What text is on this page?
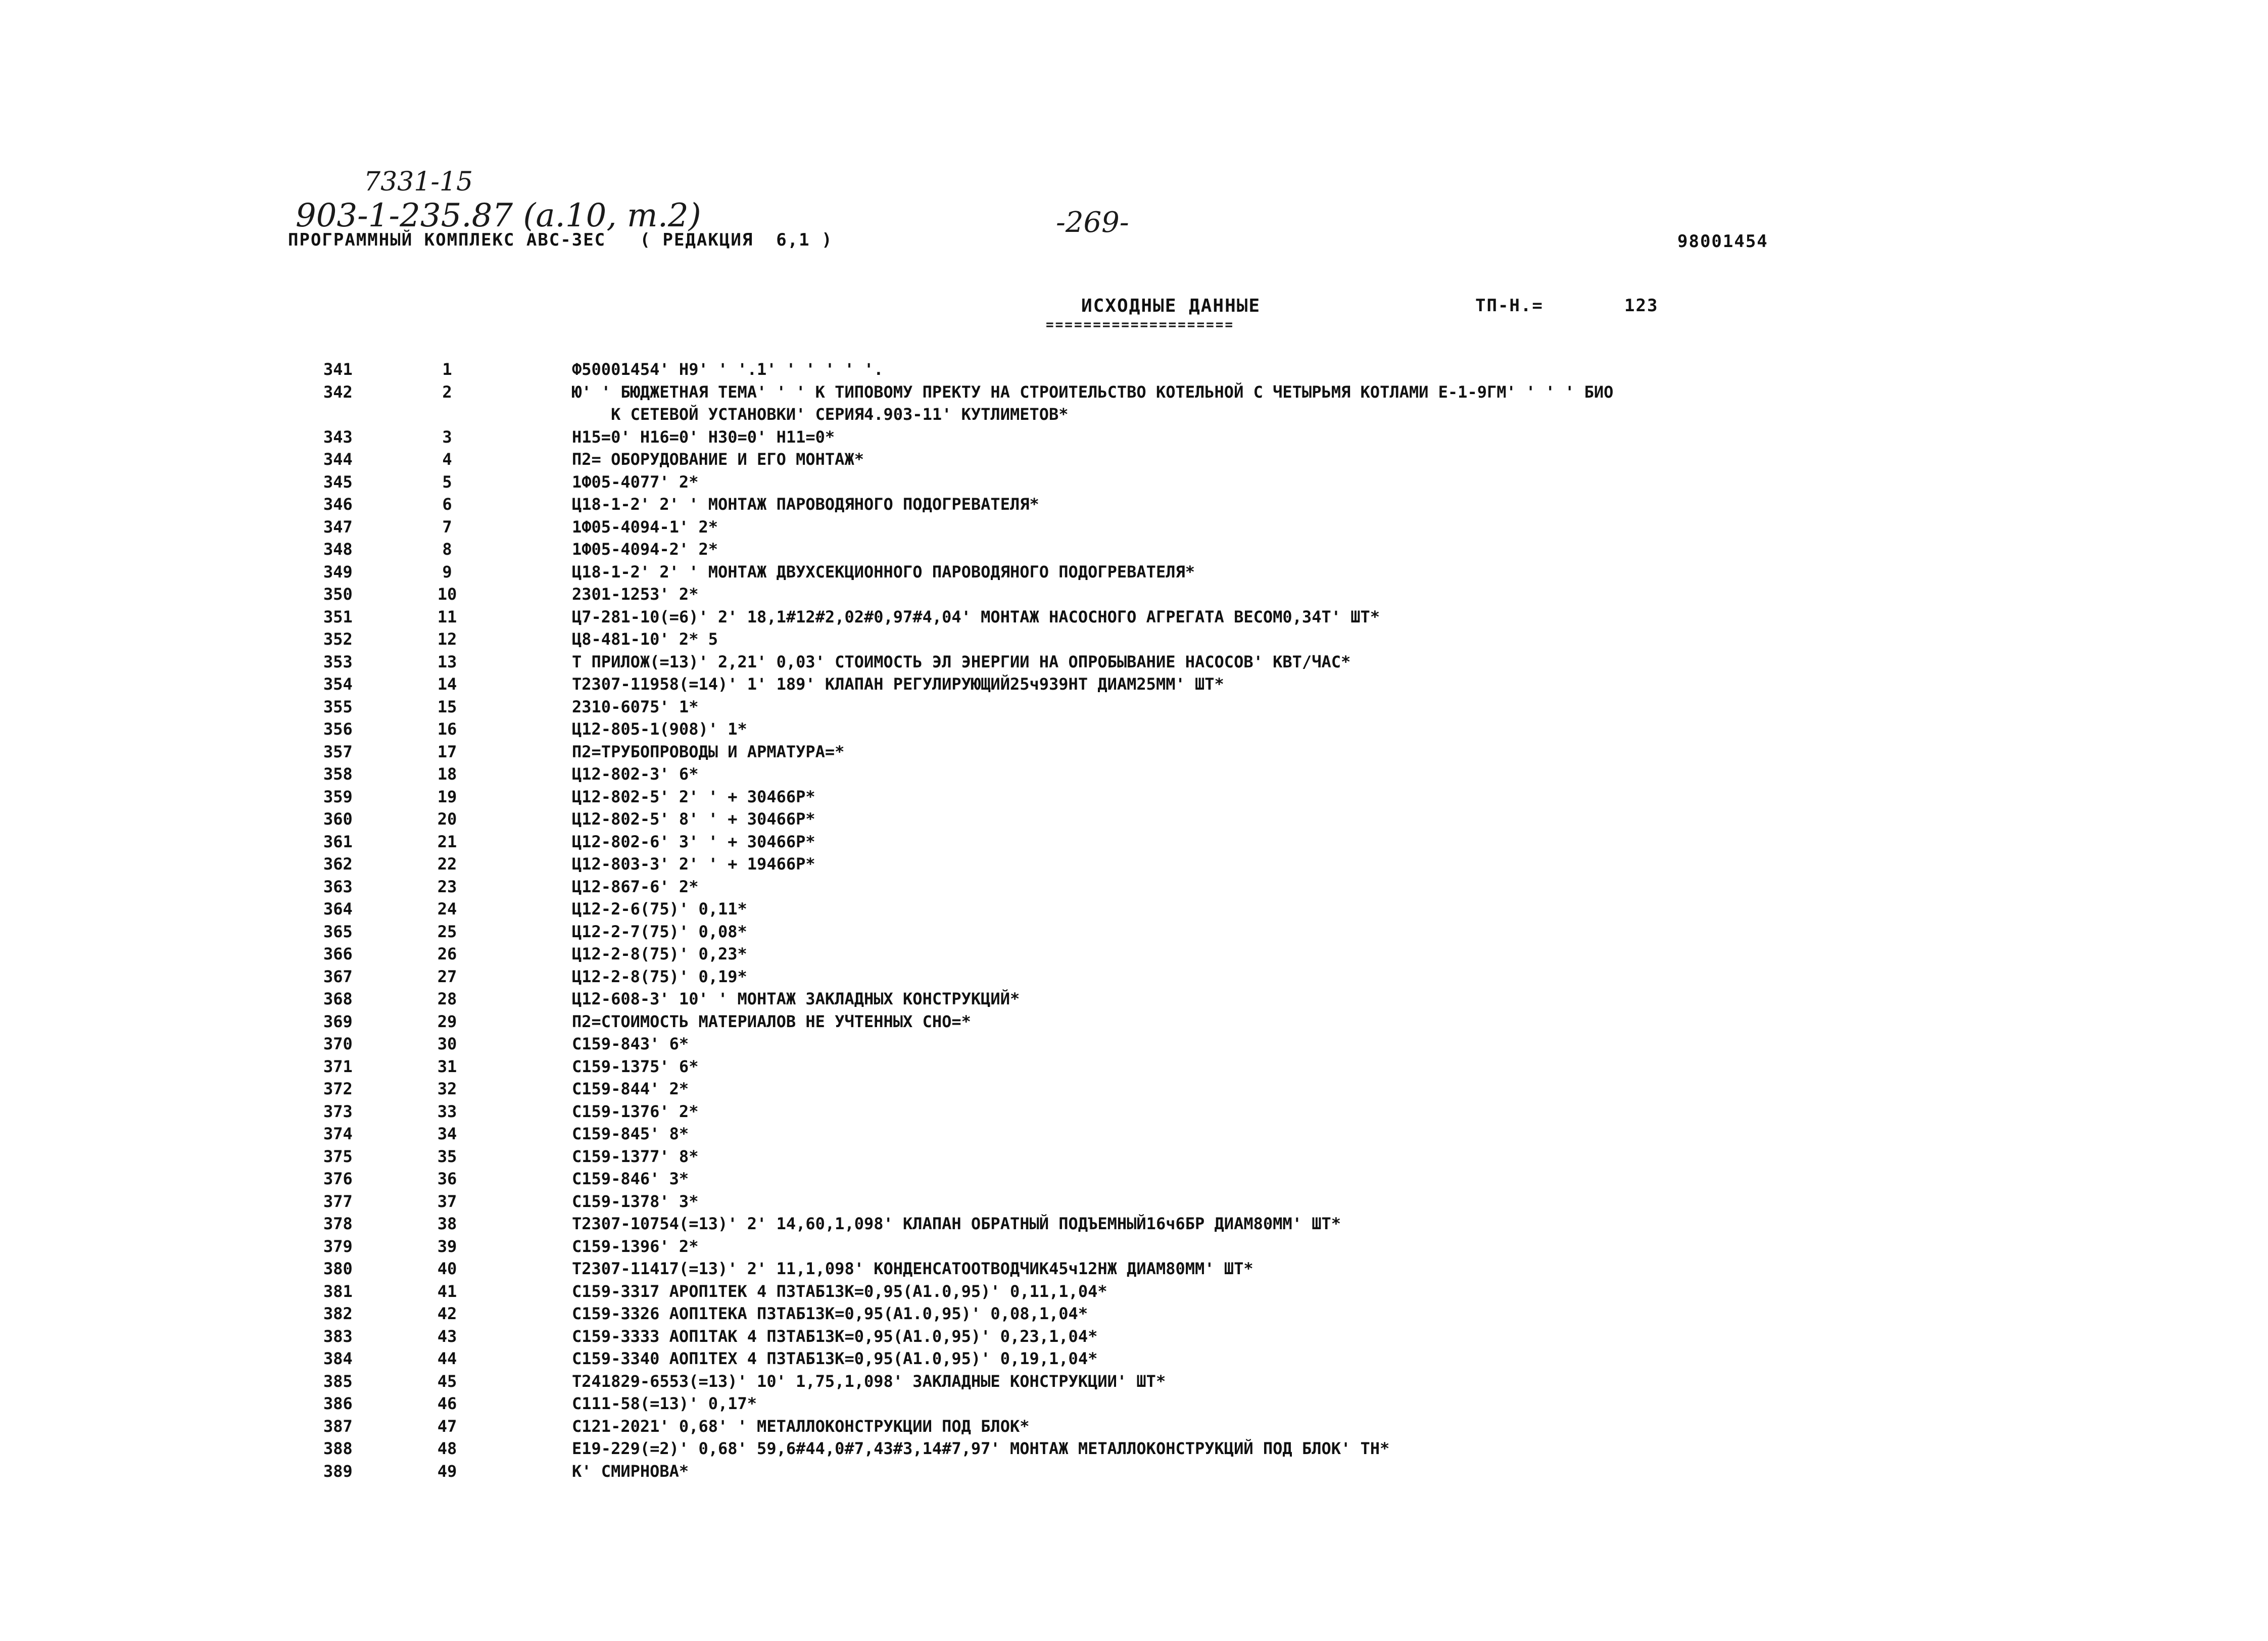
7331-15
903-1-235.87 (а.10, т.2)	-269-
ПРОГРАММНЫЙ КОМПЛЕКС АВС-ЗЕС   ( РЕДАКЦИЯ  6,1 )	98001454
ИСХОДНЫЕ ДАННЫЕ
====================
ТП-Н.=	123
341	1	Ф50001454' Н9' ' '.1' ' ' ' ' '.
342	2	Ю' ' БЮДЖЕТНАЯ ТЕМА' ' ' К ТИПОВОМУ ПРЕКТУ НА СТРОИТЕЛЬСТВО КОТЕЛЬНОЙ С ЧЕТЫРЬМЯ КОТЛАМИ Е-1-9ГМ' ' ' ' БИО
К СЕТЕВОЙ УСТАНОВКИ' СЕРИЯ4.903-11' КУТЛИМЕТОВ*
343	3	Н15=0' Н16=0' Н30=0' Н11=0*
344	4	П2= ОБОРУДОВАНИЕ И ЕГО МОНТАЖ*
345	5	1Ф05-4077' 2*
346	6	Ц18-1-2' 2' ' МОНТАЖ ПАРОВОДЯНОГО ПОДОГРЕВАТЕЛЯ*
347	7	1Ф05-4094-1' 2*
348	8	1Ф05-4094-2' 2*
349	9	Ц18-1-2' 2' ' МОНТАЖ ДВУХСЕКЦИОННОГО ПАРОВОДЯНОГО ПОДОГРЕВАТЕЛЯ*
350	10	2301-1253' 2*
351	11	Ц7-281-10(=6)' 2' 18,1#12#2,02#0,97#4,04' МОНТАЖ НАСОСНОГО АГРЕГАТА ВЕСОМ0,34Т' ШТ*
352	12	Ц8-481-10' 2* 5
353	13	Т ПРИЛОЖ(=13)' 2,21' 0,03' СТОИМОСТЬ ЭЛ ЭНЕРГИИ НА ОПРОБЫВАНИЕ НАСОСОВ' КВТ/ЧАС*
354	14	Т2307-11958(=14)' 1' 189' КЛАПАН РЕГУЛИРУЮЩИЙ25ч939НТ ДИАМ25ММ' ШТ*
355	15	2310-6075' 1*
356	16	Ц12-805-1(908)' 1*
357	17	П2=ТРУБОПРОВОДЫ И АРМАТУРА=*
358	18	Ц12-802-3' 6*
359	19	Ц12-802-5' 2' ' + 30466Р*
360	20	Ц12-802-5' 8' ' + 30466Р*
361	21	Ц12-802-6' 3' ' + 30466Р*
362	22	Ц12-803-3' 2' ' + 19466Р*
363	23	Ц12-867-6' 2*
364	24	Ц12-2-6(75)' 0,11*
365	25	Ц12-2-7(75)' 0,08*
366	26	Ц12-2-8(75)' 0,23*
367	27	Ц12-2-8(75)' 0,19*
368	28	Ц12-608-3' 10' ' МОНТАЖ ЗАКЛАДНЫХ КОНСТРУКЦИЙ*
369	29	П2=СТОИМОСТЬ МАТЕРИАЛОВ НЕ УЧТЕННЫХ СНО=*
370	30	С159-843' 6*
371	31	С159-1375' 6*
372	32	С159-844' 2*
373	33	С159-1376' 2*
374	34	С159-845' 8*
375	35	С159-1377' 8*
376	36	С159-846' 3*
377	37	С159-1378' 3*
378	38	Т2307-10754(=13)' 2' 14,60,1,098' КЛАПАН ОБРАТНЫЙ ПОДЪЕМНЫЙ16ч6БР ДИАМ80ММ' ШТ*
379	39	С159-1396' 2*
380	40	Т2307-11417(=13)' 2' 11,1,098' КОНДЕНСАТООТВОДЧИК45ч12НЖ ДИАМ80ММ' ШТ*
381	41	С159-3317 АРОП1ТЕК 4 П3ТАБ13К=0,95(А1.0,95)' 0,11,1,04*
382	42	С159-3326 АОП1ТЕКА П3ТАБ13К=0,95(А1.0,95)' 0,08,1,04*
383	43	С159-3333 АОП1ТАК 4 П3ТАБ13К=0,95(А1.0,95)' 0,23,1,04*
384	44	С159-3340 АОП1ТЕХ 4 П3ТАБ13К=0,95(А1.0,95)' 0,19,1,04*
385	45	Т241829-6553(=13)' 10' 1,75,1,098' ЗАКЛАДНЫЕ КОНСТРУКЦИИ' ШТ*
386	46	С111-58(=13)' 0,17*
387	47	С121-2021' 0,68' ' МЕТАЛЛОКОНСТРУКЦИИ ПОД БЛОК*
388	48	Е19-229(=2)' 0,68' 59,6#44,0#7,43#3,14#7,97' МОНТАЖ МЕТАЛЛОКОНСТРУКЦИЙ ПОД БЛОК' ТН*
389	49	К' СМИРНОВА*
